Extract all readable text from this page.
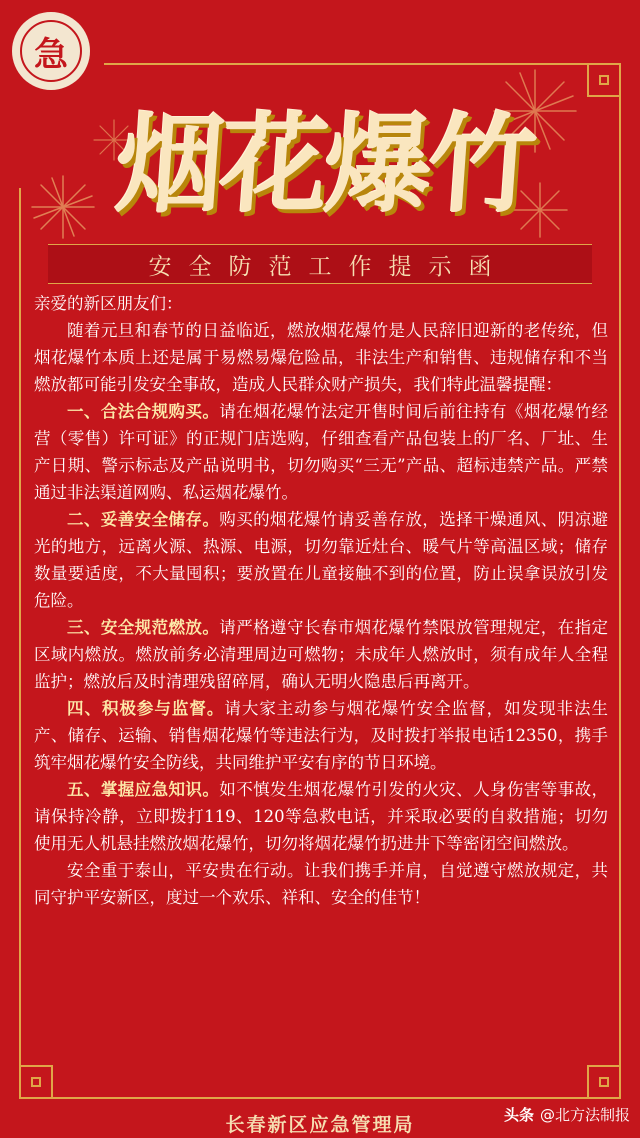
急
烟花爆竹
安全防范工作提示函

亲爱的新区朋友们：

随着元旦和春节的日益临近，燃放烟花爆竹是人民辞旧迎新的老传统，但烟花爆竹本质上还是属于易燃易爆危险品，非法生产和销售、违规储存和不当燃放都可能引发安全事故，造成人民群众财产损失，我们特此温馨提醒：

一、合法合规购买。请在烟花爆竹法定开售时间后前往持有《烟花爆竹经营（零售）许可证》的正规门店选购，仔细查看产品包装上的厂名、厂址、生产日期、警示标志及产品说明书，切勿购买“三无”产品、超标违禁产品。严禁通过非法渠道网购、私运烟花爆竹。

二、妥善安全储存。购买的烟花爆竹请妥善存放，选择干燥通风、阴凉避光的地方，远离火源、热源、电源，切勿靠近灶台、暖气片等高温区域；储存数量要适度，不大量囤积；要放置在儿童接触不到的位置，防止误拿误放引发危险。

三、安全规范燃放。请严格遵守长春市烟花爆竹禁限放管理规定，在指定区域内燃放。燃放前务必清理周边可燃物；未成年人燃放时，须有成年人全程监护；燃放后及时清理残留碎屑，确认无明火隐患后再离开。

四、积极参与监督。请大家主动参与烟花爆竹安全监督，如发现非法生产、储存、运输、销售烟花爆竹等违法行为，及时拨打举报电话12350，携手筑牢烟花爆竹安全防线，共同维护平安有序的节日环境。

五、掌握应急知识。如不慎发生烟花爆竹引发的火灾、人身伤害等事故，请保持冷静，立即拨打119、120等急救电话，并采取必要的自救措施；切勿使用无人机悬挂燃放烟花爆竹，切勿将烟花爆竹扔进井下等密闭空间燃放。

安全重于泰山，平安贵在行动。让我们携手并肩，自觉遵守燃放规定，共同守护平安新区，度过一个欢乐、祥和、安全的佳节！

长春新区应急管理局	头条 @北方法制报
